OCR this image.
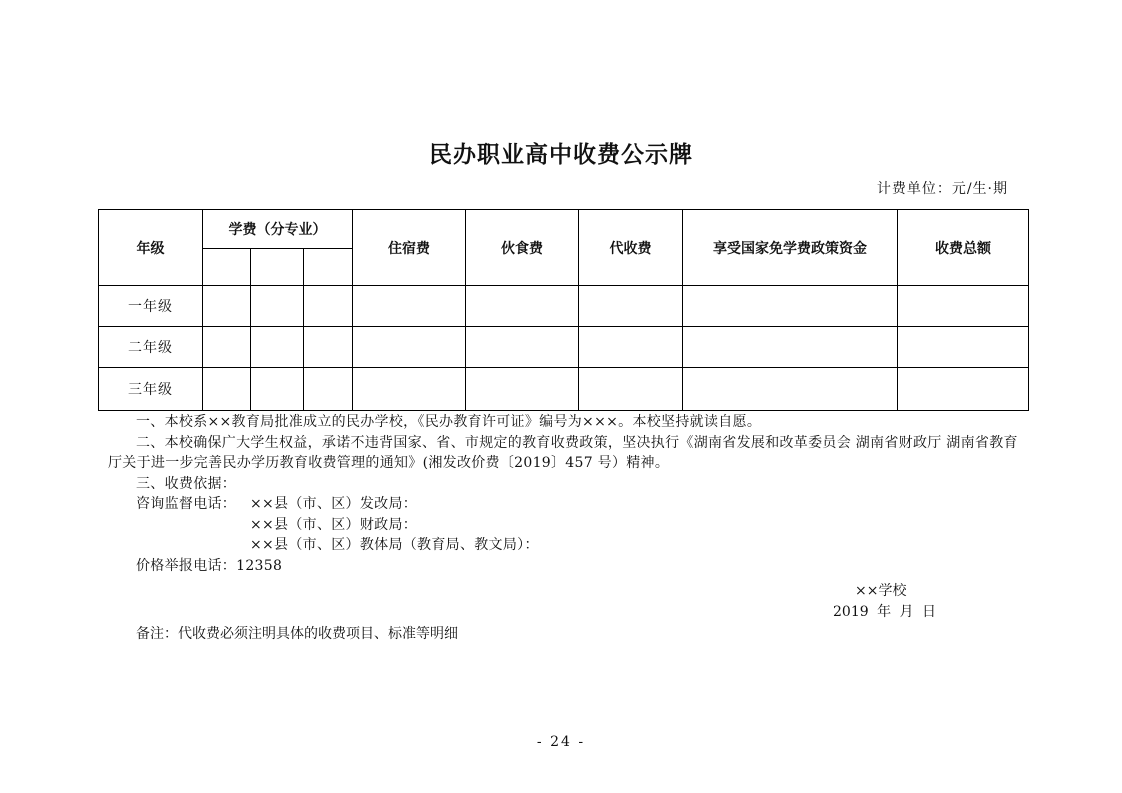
民办职业高中收费公示牌
计费单位：元/生·期
年级	学费（分专业）			住宿费	伙食费	代收费	享受国家免学费政策资金	收费总额

一年级								
二年级								
三年级								

一、本校系××教育局批准成立的民办学校，《民办教育许可证》编号为×××。本校坚持就读自愿。

二、本校确保广大学生权益，承诺不违背国家、省、市规定的教育收费政策，坚决执行《湖南省发展和改革委员会 湖南省财政厅 湖南省教育厅关于进一步完善民办学历教育收费管理的通知》(湘发改价费〔2019〕457 号）精神。

三、收费依据：

咨询监督电话： ××县（市、区）发改局：
××县（市、区）财政局：
××县（市、区）教体局（教育局、教文局）：
价格举报电话： 12358
××学校
2019 年 月 日
备注：代收费必须注明具体的收费项目、标准等明细
- 24 -
